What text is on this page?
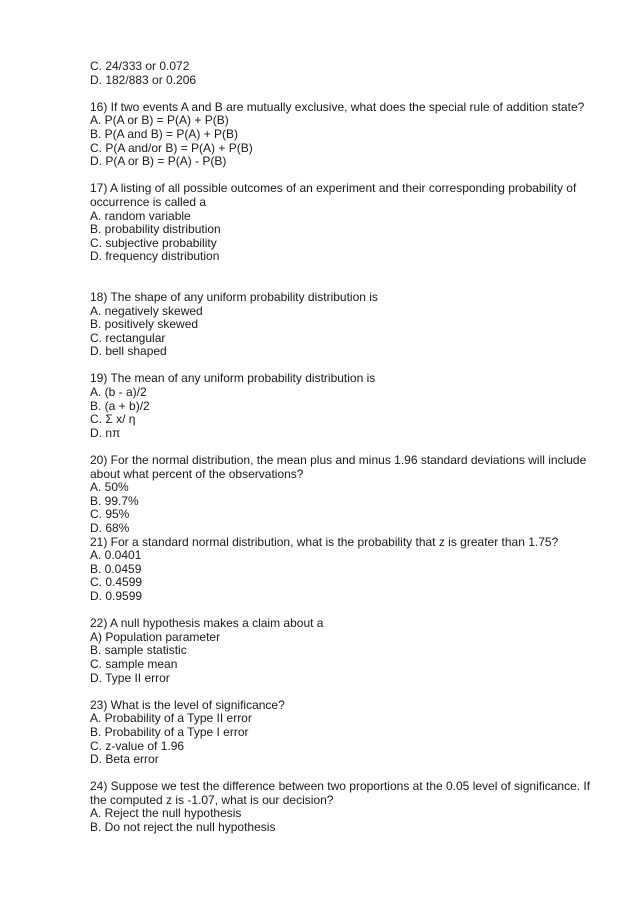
C. 24/333 or 0.072
D. 182/883 or 0.206
16) If two events A and B are mutually exclusive, what does the special rule of addition state?
A. P(A or B) = P(A) + P(B)
B. P(A and B) = P(A) + P(B)
C. P(A and/or B) = P(A) + P(B)
D. P(A or B) = P(A) - P(B)
17) A listing of all possible outcomes of an experiment and their corresponding probability of
occurrence is called a
A. random variable
B. probability distribution
C. subjective probability
D. frequency distribution
18) The shape of any uniform probability distribution is
A. negatively skewed
B. positively skewed
C. rectangular
D. bell shaped
19) The mean of any uniform probability distribution is
A. (b - a)/2
B. (a + b)/2
C. Σ x/ η
D. nπ
20) For the normal distribution, the mean plus and minus 1.96 standard deviations will include
about what percent of the observations?
A. 50%
B. 99.7%
C. 95%
D. 68%
21) For a standard normal distribution, what is the probability that z is greater than 1.75?
A. 0.0401
B. 0.0459
C. 0.4599
D. 0.9599
22) A null hypothesis makes a claim about a
A) Population parameter
B. sample statistic
C. sample mean
D. Type II error
23) What is the level of significance?
A. Probability of a Type II error
B. Probability of a Type I error
C. z-value of 1.96
D. Beta error
24) Suppose we test the difference between two proportions at the 0.05 level of significance. If
the computed z is -1.07, what is our decision?
A. Reject the null hypothesis
B. Do not reject the null hypothesis
